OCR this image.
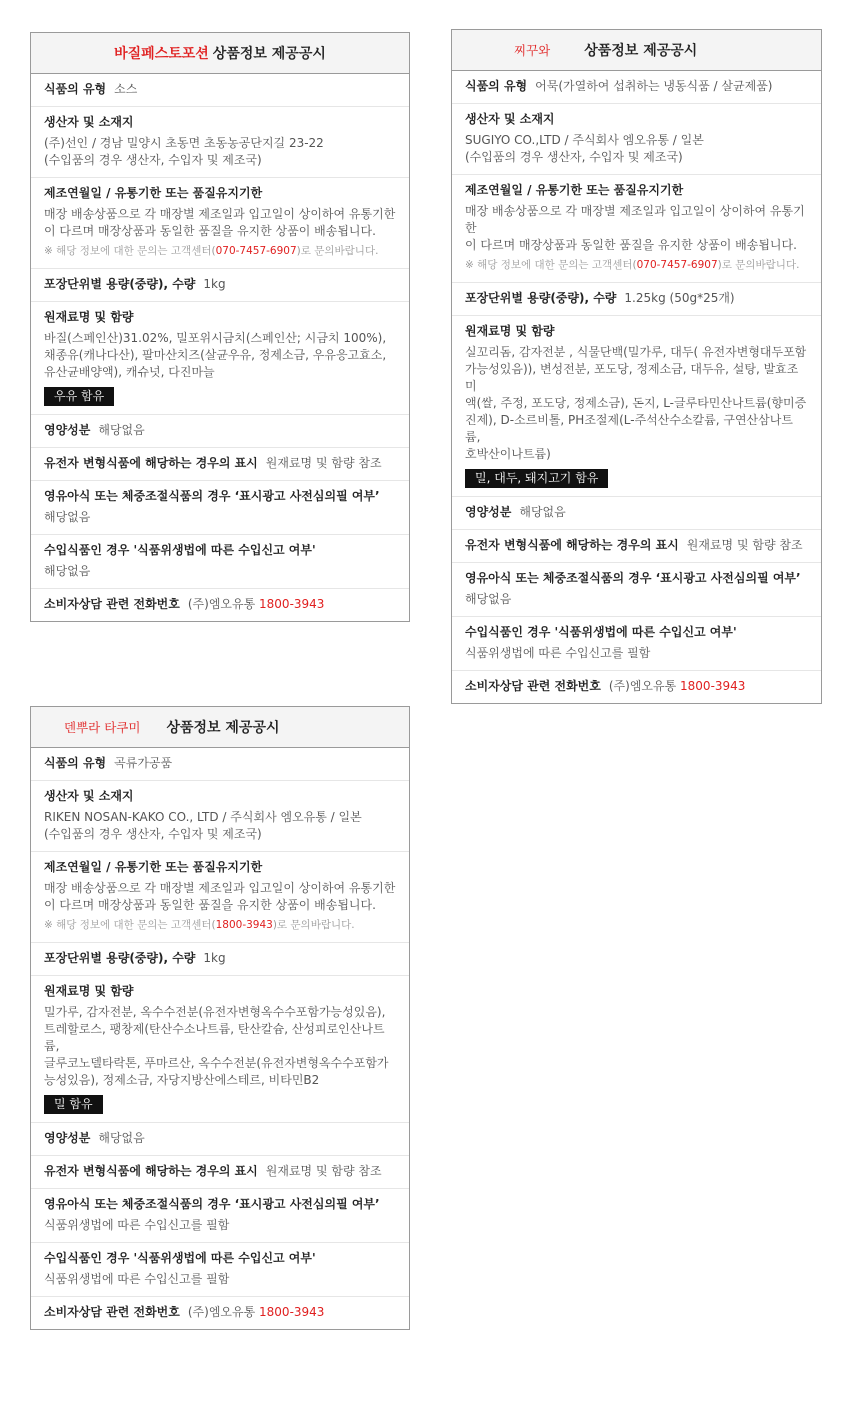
바질페스토포션 상품정보 제공공시
식품의 유형 소스
생산자 및 소재지
(주)선인 / 경남 밀양시 초동면 초동농공단지길 23-22
(수입품의 경우 생산자, 수입자 및 제조국)
제조연월일 / 유통기한 또는 품질유지기한
매장 배송상품으로 각 매장별 제조일과 입고일이 상이하여 유통기한
이 다르며 매장상품과 동일한 품질을 유지한 상품이 배송됩니다.
※ 해당 정보에 대한 문의는 고객센터(070-7457-6907)로 문의바랍니다.
포장단위별 용량(중량), 수량 1kg
원재료명 및 함량
바질(스페인산)31.02%, 밀포위시금치(스페인산; 시금치 100%),
채종유(캐나다산), 팔마산치즈(살균우유, 정제소금, 우유응고효소,
유산균배양액), 캐슈넛, 다진마늘
우유 함유
영양성분 해당없음
유전자 변형식품에 해당하는 경우의 표시 원재료명 및 함량 참조
영유아식 또는 체중조절식품의 경우 ‘표시광고 사전심의필 여부’
해당없음
수입식품인 경우 '식품위생법에 따른 수입신고 여부'
해당없음
소비자상담 관련 전화번호 (주)엠오유통 1800-3943
찌꾸와 상품정보 제공공시
식품의 유형 어묵(가열하여 섭취하는 냉동식품 / 살균제품)
생산자 및 소재지
SUGIYO CO.,LTD / 주식회사 엠오유통 / 일본
(수입품의 경우 생산자, 수입자 및 제조국)
제조연월일 / 유통기한 또는 품질유지기한
매장 배송상품으로 각 매장별 제조일과 입고일이 상이하여 유통기한
이 다르며 매장상품과 동일한 품질을 유지한 상품이 배송됩니다.
※ 해당 정보에 대한 문의는 고객센터(070-7457-6907)로 문의바랍니다.
포장단위별 용량(중량), 수량 1.25kg (50g*25개)
원재료명 및 함량
실꼬리돔, 감자전분 , 식물단백(밀가루, 대두( 유전자변형대두포함
가능성있음)), 변성전분, 포도당, 정제소금, 대두유, 설탕, 발효조미
액(쌀, 주정, 포도당, 정제소금), 돈지, L-글루타민산나트륨(향미증
진제), D-소르비톨, PH조절제(L-주석산수소칼륨, 구연산삼나트륨,
호박산이나트륨)
밀, 대두, 돼지고기 함유
영양성분 해당없음
유전자 변형식품에 해당하는 경우의 표시 원재료명 및 함량 참조
영유아식 또는 체중조절식품의 경우 ‘표시광고 사전심의필 여부’
해당없음
수입식품인 경우 '식품위생법에 따른 수입신고 여부'
식품위생법에 따른 수입신고를 필함
소비자상담 관련 전화번호 (주)엠오유통 1800-3943
덴뿌라 타쿠미 상품정보 제공공시
식품의 유형 곡류가공품
생산자 및 소재지
RIKEN NOSAN-KAKO CO., LTD / 주식회사 엠오유통 / 일본
(수입품의 경우 생산자, 수입자 및 제조국)
제조연월일 / 유통기한 또는 품질유지기한
매장 배송상품으로 각 매장별 제조일과 입고일이 상이하여 유통기한
이 다르며 매장상품과 동일한 품질을 유지한 상품이 배송됩니다.
※ 해당 정보에 대한 문의는 고객센터(1800-3943)로 문의바랍니다.
포장단위별 용량(중량), 수량 1kg
원재료명 및 함량
밀가루, 감자전분, 옥수수전분(유전자변형옥수수포함가능성있음),
트레할로스, 팽창제(탄산수소나트륨, 탄산칼슘, 산성피로인산나트륨,
글루코노델타락톤, 푸마르산, 옥수수전분(유전자변형옥수수포함가
능성있음), 정제소금, 자당지방산에스테르, 비타민B2
밀 함유
영양성분 해당없음
유전자 변형식품에 해당하는 경우의 표시 원재료명 및 함량 참조
영유아식 또는 체중조절식품의 경우 ‘표시광고 사전심의필 여부’
식품위생법에 따른 수입신고를 필함
수입식품인 경우 '식품위생법에 따른 수입신고 여부'
식품위생법에 따른 수입신고를 필함
소비자상담 관련 전화번호 (주)엠오유통 1800-3943
